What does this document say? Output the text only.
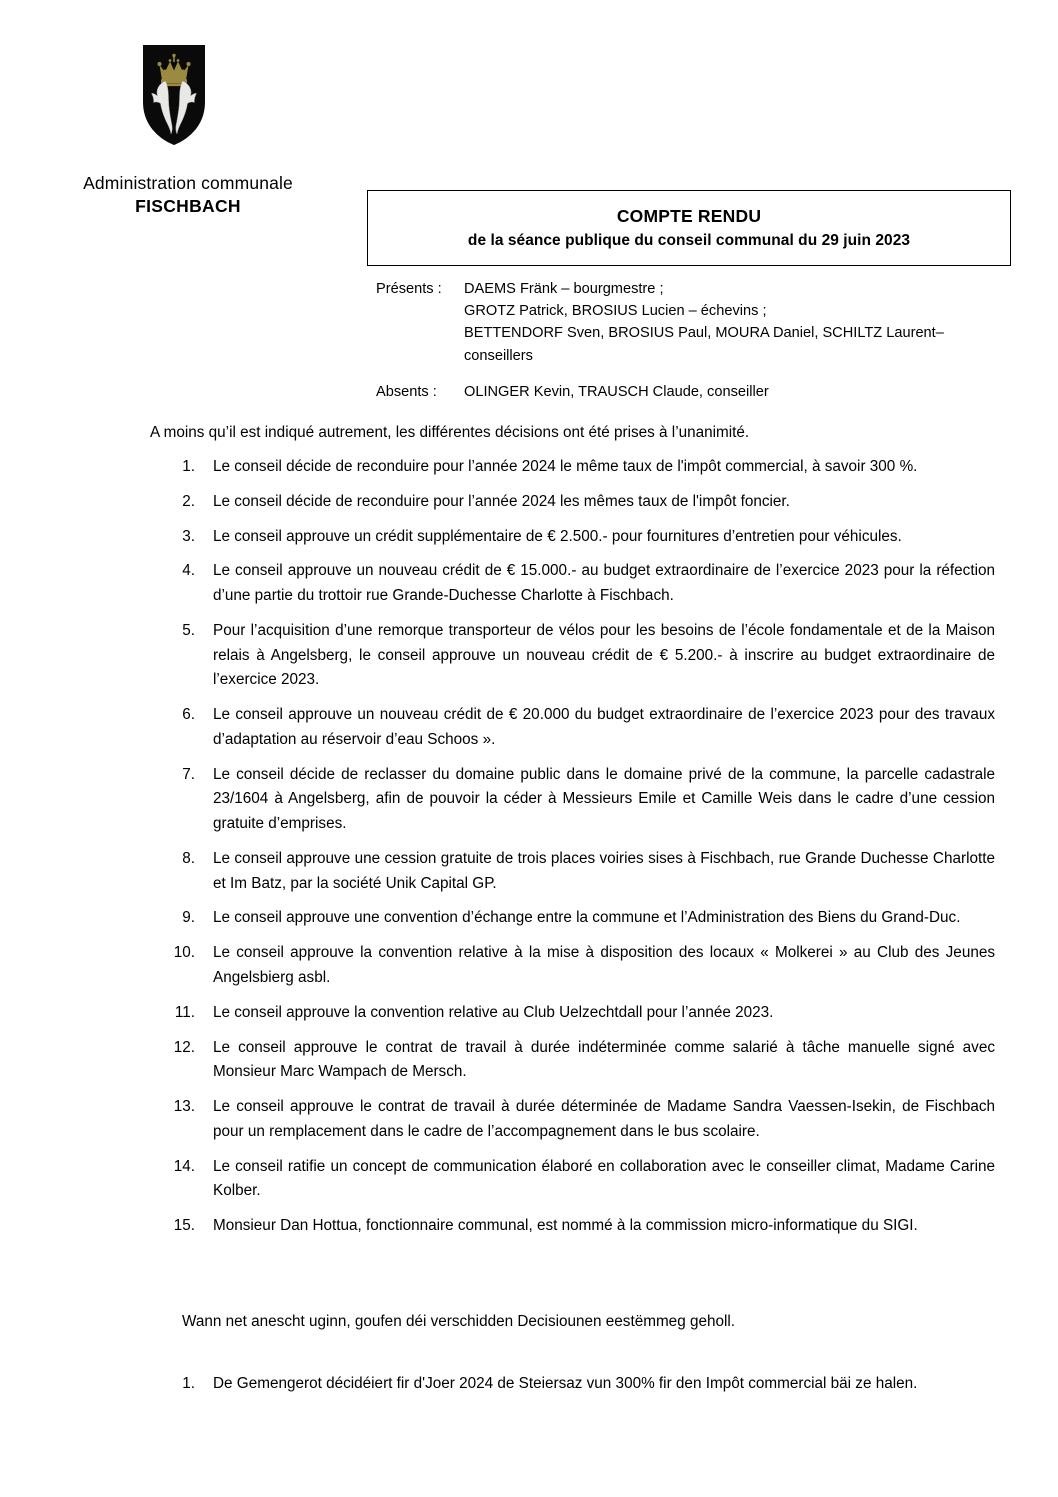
Administration communale
FISCHBACH	COMPTE RENDU
de la séance publique du conseil communal du 29 juin 2023
Présents :	DAEMS Fränk – bourgmestre ;
GROTZ Patrick, BROSIUS Lucien – échevins ;
BETTENDORF Sven, BROSIUS Paul, MOURA Daniel, SCHILTZ Laurent–
conseillers
Absents :	OLINGER Kevin, TRAUSCH Claude, conseiller
A moins qu’il est indiqué autrement, les différentes décisions ont été prises à l’unanimité.
1.	Le conseil décide de reconduire pour l’année 2024 le même taux de l'impôt commercial, à savoir 300 %.
2.	Le conseil décide de reconduire pour l’année 2024 les mêmes taux de l'impôt foncier.
3.	Le conseil approuve un crédit supplémentaire de € 2.500.- pour fournitures d’entretien pour véhicules.
4.	Le conseil approuve un nouveau crédit de € 15.000.- au budget extraordinaire de l’exercice 2023 pour la réfection d’une partie du trottoir rue Grande-Duchesse Charlotte à Fischbach.
5.	Pour l’acquisition d’une remorque transporteur de vélos pour les besoins de l’école fondamentale et de la Maison relais à Angelsberg, le conseil approuve un nouveau crédit de € 5.200.- à inscrire au budget extraordinaire de l’exercice 2023.
6.	Le conseil approuve un nouveau crédit de € 20.000 du budget extraordinaire de l’exercice 2023 pour des travaux d’adaptation au réservoir d’eau Schoos ».
7.	Le conseil décide de reclasser du domaine public dans le domaine privé de la commune, la parcelle cadastrale 23/1604 à Angelsberg, afin de pouvoir la céder à Messieurs Emile et Camille Weis dans le cadre d’une cession gratuite d’emprises.
8.	Le conseil approuve une cession gratuite de trois places voiries sises à Fischbach, rue Grande Duchesse Charlotte et Im Batz, par la société Unik Capital GP.
9.	Le conseil approuve une convention d’échange entre la commune et l’Administration des Biens du Grand-Duc.
10.	Le conseil approuve la convention relative à la mise à disposition des locaux « Molkerei » au Club des Jeunes Angelsbierg asbl.
11.	Le conseil approuve la convention relative au Club Uelzechtdall pour l’année 2023.
12.	Le conseil approuve le contrat de travail à durée indéterminée comme salarié à tâche manuelle signé avec Monsieur Marc Wampach de Mersch.
13.	Le conseil approuve le contrat de travail à durée déterminée de Madame Sandra Vaessen-Isekin, de Fischbach pour un remplacement dans le cadre de l’accompagnement dans le bus scolaire.
14.	Le conseil ratifie un concept de communication élaboré en collaboration avec le conseiller climat, Madame Carine Kolber.
15.	Monsieur Dan Hottua, fonctionnaire communal, est nommé à la commission micro-informatique du SIGI.
Wann net anescht uginn, goufen déi verschidden Decisiounen eestëmmeg geholl.
1.	De Gemengerot décidéiert fir d'Joer 2024 de Steiersaz vun 300% fir den Impôt commercial bäi ze halen.
